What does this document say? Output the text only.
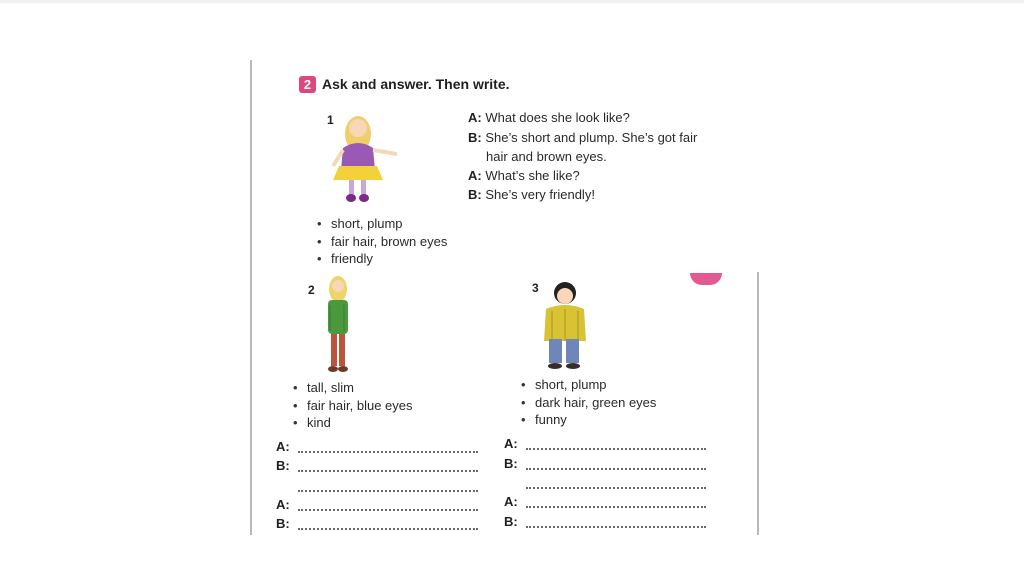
2 Ask and answer. Then write.
1	A: What does she look like?
B: She’s short and plump. She’s got fair
hair and brown eyes.
A: What’s she like?
B: She’s very friendly!
• short, plump
• fair hair, brown eyes
• friendly
2
• tall, slim
• fair hair, blue eyes
• kind
A:
B:
A:
B:
3
• short, plump
• dark hair, green eyes
• funny
A:
B:
A:
B:
